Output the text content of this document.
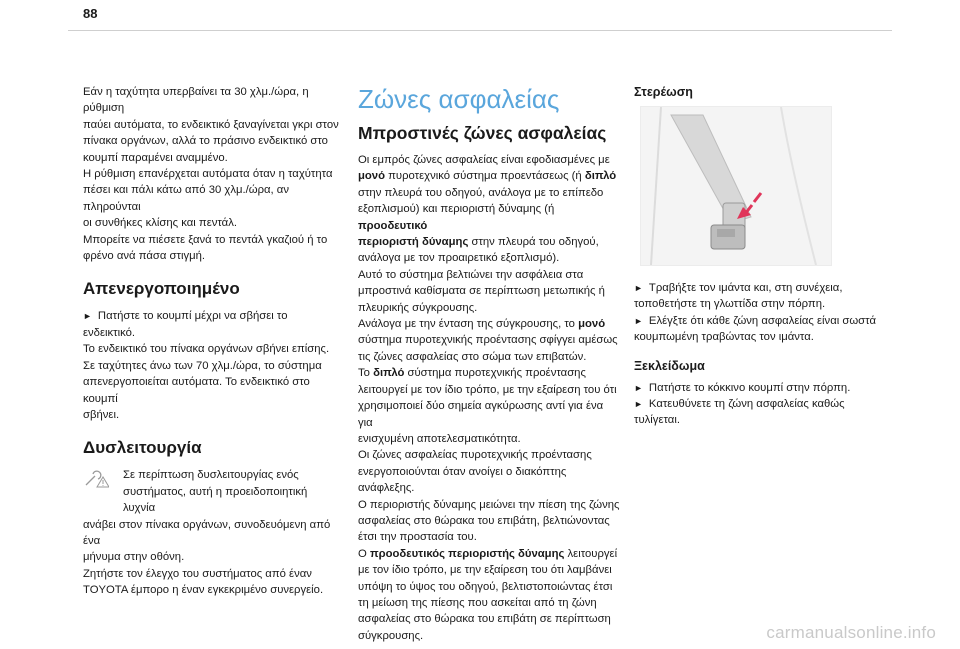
88

Εάν η ταχύτητα υπερβαίνει τα 30 χλμ./ώρα, η ρύθμιση

παύει αυτόματα, το ενδεικτικό ξαναγίνεται γκρι στον

πίνακα οργάνων, αλλά το πράσινο ενδεικτικό στο

κουμπί παραμένει αναμμένο.

Η ρύθμιση επανέρχεται αυτόματα όταν η ταχύτητα

πέσει και πάλι κάτω από 30 χλμ./ώρα, αν πληρούνται

οι συνθήκες κλίσης και πεντάλ.

Μπορείτε να πιέσετε ξανά το πεντάλ γκαζιού ή το

φρένο ανά πάσα στιγμή.

Απενεργοποιημένο

► Πατήστε το κουμπί μέχρι να σβήσει το ενδεικτικό.

Το ενδεικτικό του πίνακα οργάνων σβήνει επίσης.

Σε ταχύτητες άνω των 70 χλμ./ώρα, το σύστημα

απενεργοποιείται αυτόματα. Το ενδεικτικό στο κουμπί

σβήνει.

Δυσλειτουργία

Σε περίπτωση δυσλειτουργίας ενός

συστήματος, αυτή η προειδοποιητική λυχνία

ανάβει στον πίνακα οργάνων, συνοδευόμενη από ένα

μήνυμα στην οθόνη.

Ζητήστε τον έλεγχο του συστήματος από έναν

TOYOTA έμπορο η έναν εγκεκριμένο συνεργείο.

Ζώνες ασφαλείας
Μπροστινές ζώνες ασφαλείας

Οι εμπρός ζώνες ασφαλείας είναι εφοδιασμένες με

μονό πυροτεχνικό σύστημα προεντάσεως (ή διπλό

στην πλευρά του οδηγού, ανάλογα με το επίπεδο

εξοπλισμού) και περιοριστή δύναμης (ή προοδευτικό

περιοριστή δύναμης στην πλευρά του οδηγού,

ανάλογα με τον προαιρετικό εξοπλισμό).

Αυτό το σύστημα βελτιώνει την ασφάλεια στα

μπροστινά καθίσματα σε περίπτωση μετωπικής ή

πλευρικής σύγκρουσης.

Ανάλογα με την ένταση της σύγκρουσης, το μονό

σύστημα πυροτεχνικής προέντασης σφίγγει αμέσως

τις ζώνες ασφαλείας στο σώμα των επιβατών.

Το διπλό σύστημα πυροτεχνικής προέντασης

λειτουργεί με τον ίδιο τρόπο, με την εξαίρεση του ότι

χρησιμοποιεί δύο σημεία αγκύρωσης αντί για ένα για

ενισχυμένη αποτελεσματικότητα.

Οι ζώνες ασφαλείας πυροτεχνικής προέντασης

ενεργοποιούνται όταν ανοίγει ο διακόπτης ανάφλεξης.

Ο περιοριστής δύναμης μειώνει την πίεση της ζώνης

ασφαλείας στο θώρακα του επιβάτη, βελτιώνοντας

έτσι την προστασία του.

Ο προοδευτικός περιοριστής δύναμης λειτουργεί

με τον ίδιο τρόπο, με την εξαίρεση του ότι λαμβάνει

υπόψη το ύψος του οδηγού, βελτιστοποιώντας έτσι

τη μείωση της πίεσης που ασκείται από τη ζώνη

ασφαλείας στο θώρακα του επιβάτη σε περίπτωση

σύγκρουσης.

Στερέωση

► Τραβήξτε τον ιμάντα και, στη συνέχεια,

τοποθετήστε τη γλωττίδα στην πόρπη.

► Ελέγξτε ότι κάθε ζώνη ασφαλείας είναι σωστά

κουμπωμένη τραβώντας τον ιμάντα.

Ξεκλείδωμα

► Πατήστε το κόκκινο κουμπί στην πόρπη.

► Κατευθύνετε τη ζώνη ασφαλείας καθώς τυλίγεται.

carmanualsonline.info
